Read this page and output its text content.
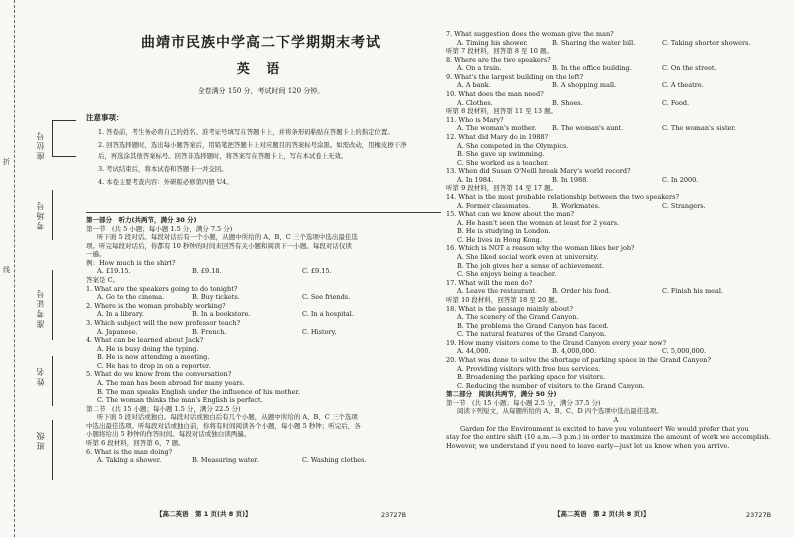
折
线
座位号
考场号
准考证号
姓名
班级
曲靖市民族中学高二下学期期末考试
英 语
全卷满分 150 分，考试时间 120 分钟。
注意事项：

1. 答卷前，考生务必将自己的姓名、准考证号填写在答题卡上，并将条形码粘贴在答题卡上的指定位置。

2. 回答选择题时，选出每小题答案后，用铅笔把答题卡上对应题目的答案标号涂黑。如需改动，用橡皮擦干净后，再选涂其他答案标号。回答非选择题时，将答案写在答题卡上，写在本试卷上无效。

3. 考试结束后，将本试卷和答题卡一并交回。

4. 本卷主要考查内容：外研版必修第四册 U4。

第一部分　听力(共两节，满分 30 分)

第一节　(共 5 小题；每小题 1.5 分，满分 7.5 分)

听下面 5 段对话。每段对话后有一个小题，从题中所给的 A、B、C 三个选项中选出最佳选

项。听完每段对话后，你都有 10 秒钟的时间来回答有关小题和阅读下一小题。每段对话仅读

一遍。

例：How much is the shirt?

A. £19.15.	B. £9.18.	C. £9.15.

答案是 C。

1. What are the speakers going to do tonight?

A. Go to the cinema.	B. Buy tickets.	C. See friends.

2. Where is the woman probably working?

A. In a library.	B. In a bookstore.	C. In a hospital.

3. Which subject will the new professor teach?

A. Japanese.	B. French.	C. History.

4. What can be learned about Jack?

A. He is busy doing the typing.

B. He is now attending a meeting.

C. He has to drop in on a reporter.

5. What do we know from the conversation?

A. The man has been abroad for many years.

B. The man speaks English under the influence of his mother.

C. The woman thinks the man's English is perfect.

第二节　(共 15 小题；每小题 1.5 分，满分 22.5 分)

听下面 5 段对话或独白。每段对话或独白后有几个小题，从题中所给的 A、B、C 三个选项

中选出最佳选项。听每段对话或独白前，你将有时间阅读各个小题，每小题 5 秒钟；听完后，各

小题将给出 5 秒钟的作答时间。每段对话或独白读两遍。

听第 6 段材料，回答第 6、7 题。

6. What is the man doing?

A. Taking a shower.	B. Measuring water.	C. Washing clothes.

【高二英语　第 1 页(共 8 页)】	23727B

7. What suggestion does the woman give the man?

A. Timing his shower.	B. Sharing the water bill.	C. Taking shorter showers.

听第 7 段材料，回答第 8 至 10 题。

8. Where are the two speakers?

A. On a train.	B. In the office building.	C. On the street.

9. What's the largest building on the left?

A. A bank.	B. A shopping mall.	C. A theatre.

10. What does the man need?

A. Clothes.	B. Shoes.	C. Food.

听第 8 段材料，回答第 11 至 13 题。

11. Who is Mary?

A. The woman's mother.	B. The woman's aunt.	C. The woman's sister.

12. What did Mary do in 1988?

A. She competed in the Olympics.

B. She gave up swimming.

C. She worked as a teacher.

13. When did Susan O'Neill break Mary's world record?

A. In 1984.	B. In 1988.	C. In 2000.

听第 9 段材料，回答第 14 至 17 题。

14. What is the most probable relationship between the two speakers?

A. Former classmates.	B. Workmates.	C. Strangers.

15. What can we know about the man?

A. He hasn't seen the woman at least for 2 years.

B. He is studying in London.

C. He lives in Hong Kong.

16. Which is NOT a reason why the woman likes her job?

A. She liked social work even at university.

B. The job gives her a sense of achievement.

C. She enjoys being a teacher.

17. What will the men do?

A. Leave the restaurant.	B. Order his food.	C. Finish his meal.

听第 10 段材料，回答第 18 至 20 题。

18. What is the passage mainly about?

A. The scenery of the Grand Canyon.

B. The problems the Grand Canyon has faced.

C. The natural features of the Grand Canyon.

19. How many visitors come to the Grand Canyon every year now?

A. 44,000.	B. 4,000,000.	C. 5,000,000.

20. What was done to solve the shortage of parking space in the Grand Canyon?

A. Providing visitors with free bus services.

B. Broadening the parking space for visitors.

C. Reducing the number of visitors to the Grand Canyon.

第二部分　阅读(共两节，满分 50 分)

第一节　(共 15 小题；每小题 2.5 分，满分 37.5 分)

阅读下列短文，从每题所给的 A、B、C、D 四个选项中选出最佳选项。

A

Garden for the Environment is excited to have you volunteer! We would prefer that you

stay for the entire shift (10 a.m.—3 p.m.) in order to maximize the amount of work we accomplish.

However, we understand if you need to leave early—just let us know when you arrive.

【高二英语　第 2 页(共 8 页)】	23727B
